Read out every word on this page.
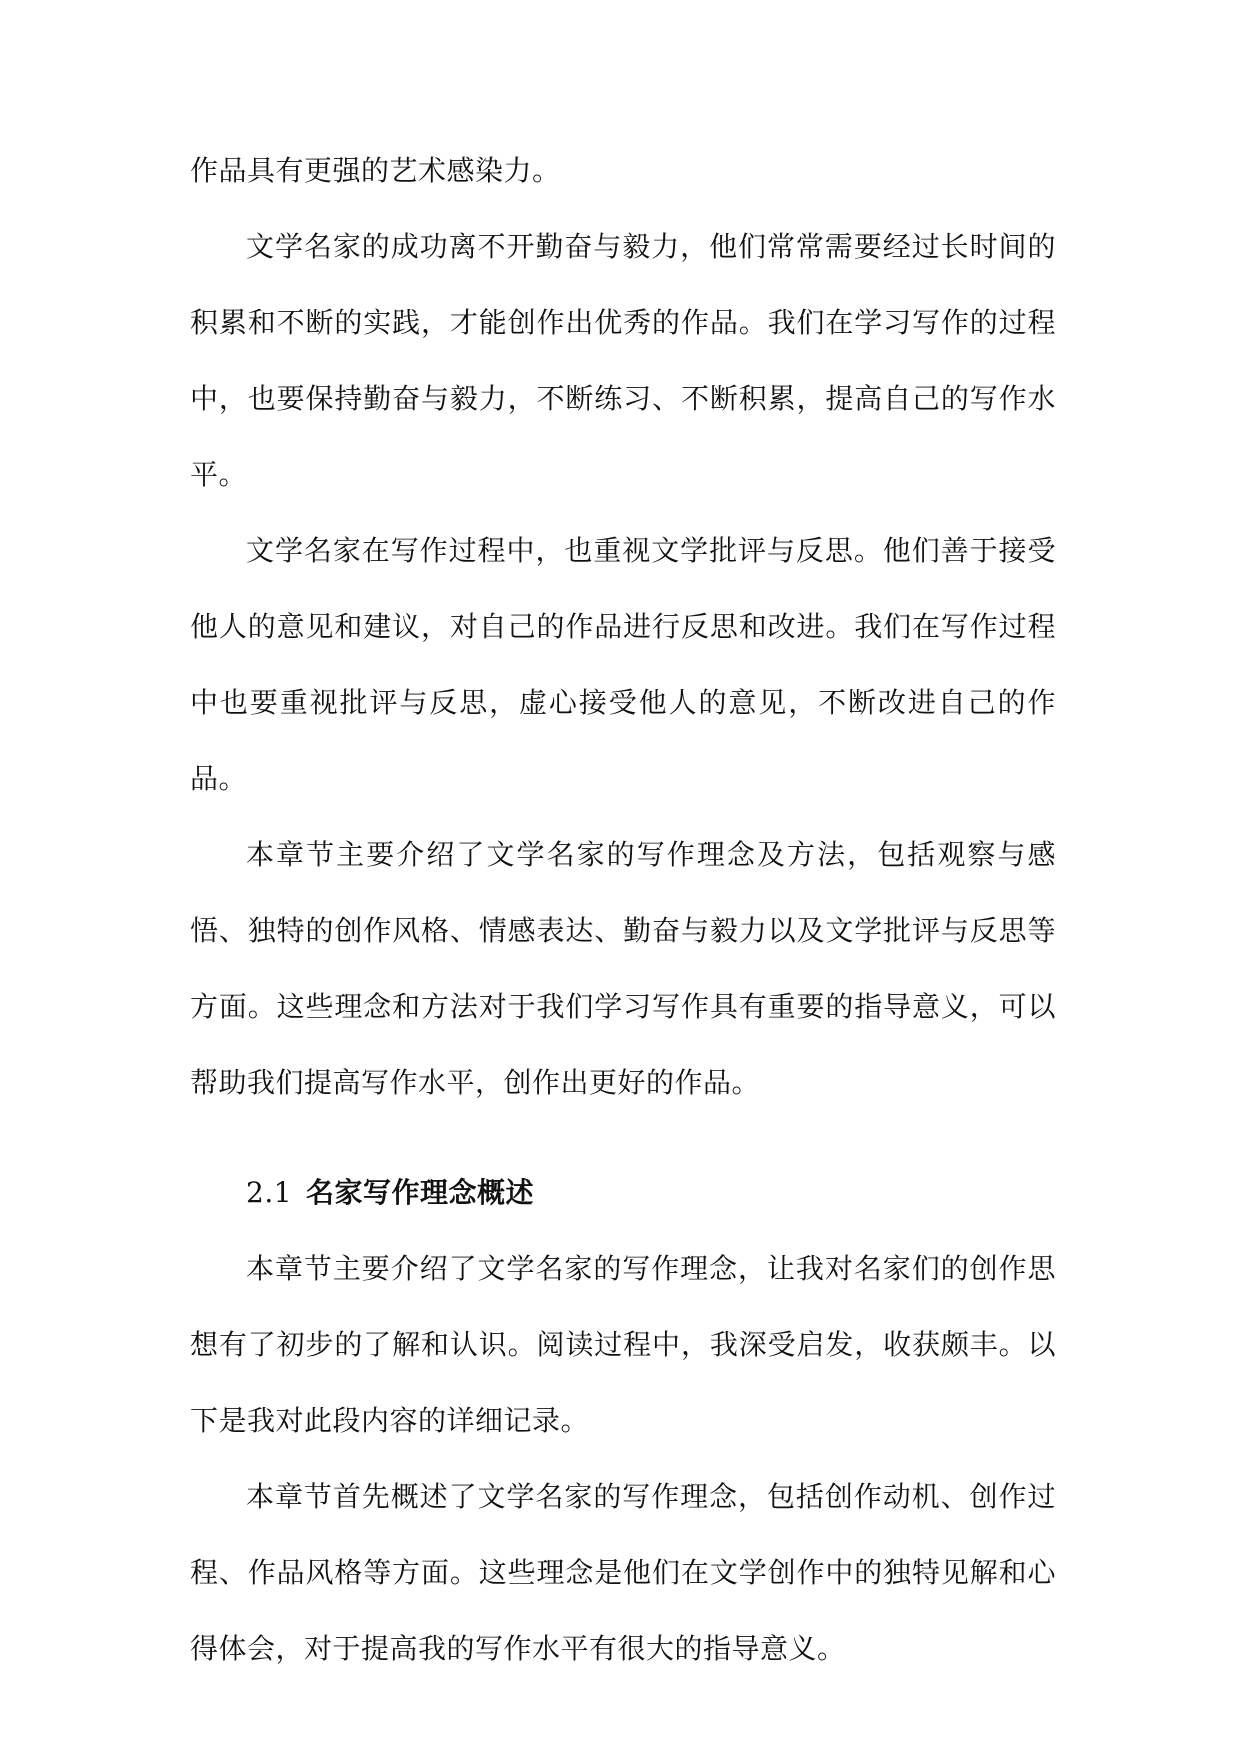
作品具有更强的艺术感染力。

文学名家的成功离不开勤奋与毅力，他们常常需要经过长时间的积累和不断的实践，才能创作出优秀的作品。我们在学习写作的过程中，也要保持勤奋与毅力，不断练习、不断积累，提高自己的写作水平。

文学名家在写作过程中，也重视文学批评与反思。他们善于接受他人的意见和建议，对自己的作品进行反思和改进。我们在写作过程中也要重视批评与反思，虚心接受他人的意见，不断改进自己的作品。

本章节主要介绍了文学名家的写作理念及方法，包括观察与感悟、独特的创作风格、情感表达、勤奋与毅力以及文学批评与反思等方面。这些理念和方法对于我们学习写作具有重要的指导意义，可以帮助我们提高写作水平，创作出更好的作品。

2.1 名家写作理念概述

本章节主要介绍了文学名家的写作理念，让我对名家们的创作思想有了初步的了解和认识。阅读过程中，我深受启发，收获颇丰。以下是我对此段内容的详细记录。

本章节首先概述了文学名家的写作理念，包括创作动机、创作过程、作品风格等方面。这些理念是他们在文学创作中的独特见解和心得体会，对于提高我的写作水平有很大的指导意义。
